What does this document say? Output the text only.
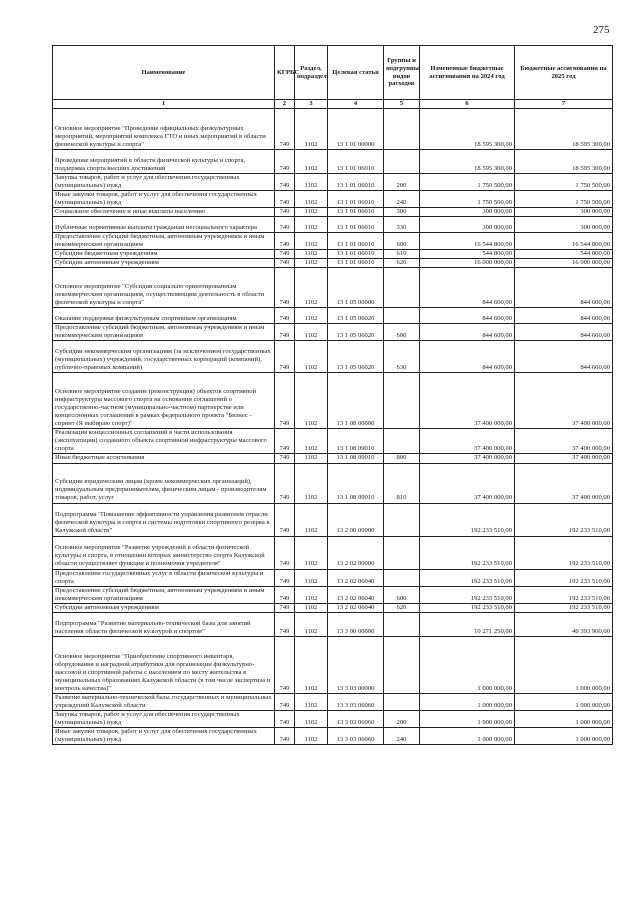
275
Наименование	КГРБС	Раздел, подраздел	Целевая статья	Группы и подгруппы видов расходов	Измененные бюджетные ассигнования на 2024 год	Бюджетные ассигнования на 2025 год
1	2	3	4	5	6	7
Основное мероприятие "Проведение официальных физкультурных мероприятий, мероприятий комплекса ГТО и иных мероприятий в области физической культуры и спорта"	749	1102	13 1 01 00000		18 595 300,00	18 595 300,00
Проведение мероприятий в области физической культуры и спорта, поддержка спорта высших достижений	749	1102	13 1 01 06010		18 595 300,00	18 595 300,00
Закупка товаров, работ и услуг для обеспечения государственных (муниципальных) нужд	749	1102	13 1 01 06010	200	1 750 500,00	1 750 500,00
Иные закупки товаров, работ и услуг для обеспечения государственных (муниципальных) нужд	749	1102	13 1 01 06010	240	1 750 500,00	1 750 500,00
Социальное обеспечение и иные выплаты населению	749	1102	13 1 01 06010	300	300 000,00	300 000,00
Публичные нормативные выплаты гражданам несоциального характера	749	1102	13 1 01 06010	330	300 000,00	300 000,00
Предоставление субсидий бюджетным, автономным учреждениям и иным некоммерческим организациям	749	1102	13 1 01 06010	600	16 544 800,00	16 544 800,00
Субсидии бюджетным учреждениям	749	1102	13 1 01 06010	610	544 800,00	544 800,00
Субсидии автономным учреждениям	749	1102	13 1 01 06010	620	16 000 000,00	16 000 000,00
Основное мероприятие "Субсидии социально ориентированным некоммерческим организациям, осуществляющим деятельность в области физической культуры и спорта"	749	1102	13 1 05 00000		844 600,00	844 600,00
Оказание поддержки физкультурным спортивным организациям	749	1102	13 1 05 06020		844 600,00	844 600,00
Предоставление субсидий бюджетным, автономным учреждениям и иным некоммерческим организациям	749	1102	13 1 05 06020	600	844 600,00	844 600,00
Субсидии некоммерческим организациям (за исключением государственных (муниципальных) учреждений, государственных корпораций (компаний), публично-правовых компаний)	749	1102	13 1 05 06020	630	844 600,00	844 600,00
Основное мероприятие создание (реконструкция) объектов спортивной инфраструктуры массового спорта на основании соглашений о государственно-частном (муниципально-частном) партнерстве или концессионных соглашений в рамках федерального проекта "Бизнес - спринт (Я выбираю спорт)"	749	1102	13 1 08 00000		37 400 000,00	37 400 000,00
Реализация концессионных соглашений в части использования (эксплуатации) созданного объекта спортивной инфраструктуры массового спорта	749	1102	13 1 08 09010		37 400 000,00	37 400 000,00
Иные бюджетные ассигнования	749	1102	13 1 08 09010	800	37 400 000,00	37 400 000,00
Субсидии юридическим лицам (кроме некоммерческих организаций), индивидуальным предпринимателям, физическим лицам - производителям товаров, работ, услуг	749	1102	13 1 08 09010	810	37 400 000,00	37 400 000,00
Подпрограмма "Повышение эффективности управления развитием отрасли физической культуры и спорта и системы подготовки спортивного резерва в Калужской области"	749	1102	13 2 00 00000		192 233 510,00	192 233 510,00
Основное мероприятие "Развитие учреждений в области физической культуры и спорта, в отношении которых министерство спорта Калужской области осуществляет функции и полномочия учредителя"	749	1102	13 2 02 00000		192 233 510,00	192 233 510,00
Предоставление государственных услуг в области физической культуры и спорта	749	1102	13 2 02 06040		192 233 510,00	192 233 510,00
Предоставление субсидий бюджетным, автономным учреждениям и иным некоммерческим организациям	749	1102	13 2 02 06040	600	192 233 510,00	192 233 510,00
Субсидии автономным учреждениям	749	1102	13 2 02 06040	620	192 233 510,00	192 233 510,00
Подпрограмма "Развитие материально-технической базы для занятий населения области физической культурой и спортом"	749	1102	13 3 00 00000		10 271 250,00	40 393 900,00
Основное мероприятие "Приобретение спортивного инвентаря, оборудования и наградной атрибутики для организации физкультурно-массовой и спортивной работы с населением по месту жительства в муниципальных образованиях Калужской области (в том числе экспертиза и контроль качества)"	749	1102	13 3 03 00000		1 000 000,00	1 000 000,00
Развитие материально-технической базы государственных и муниципальных учреждений Калужской области	749	1102	13 3 03 06060		1 000 000,00	1 000 000,00
Закупка товаров, работ и услуг для обеспечения государственных (муниципальных) нужд	749	1102	13 3 03 06060	200	1 000 000,00	1 000 000,00
Иные закупки товаров, работ и услуг для обеспечения государственных (муниципальных) нужд	749	1102	13 3 03 06060	240	1 000 000,00	1 000 000,00
